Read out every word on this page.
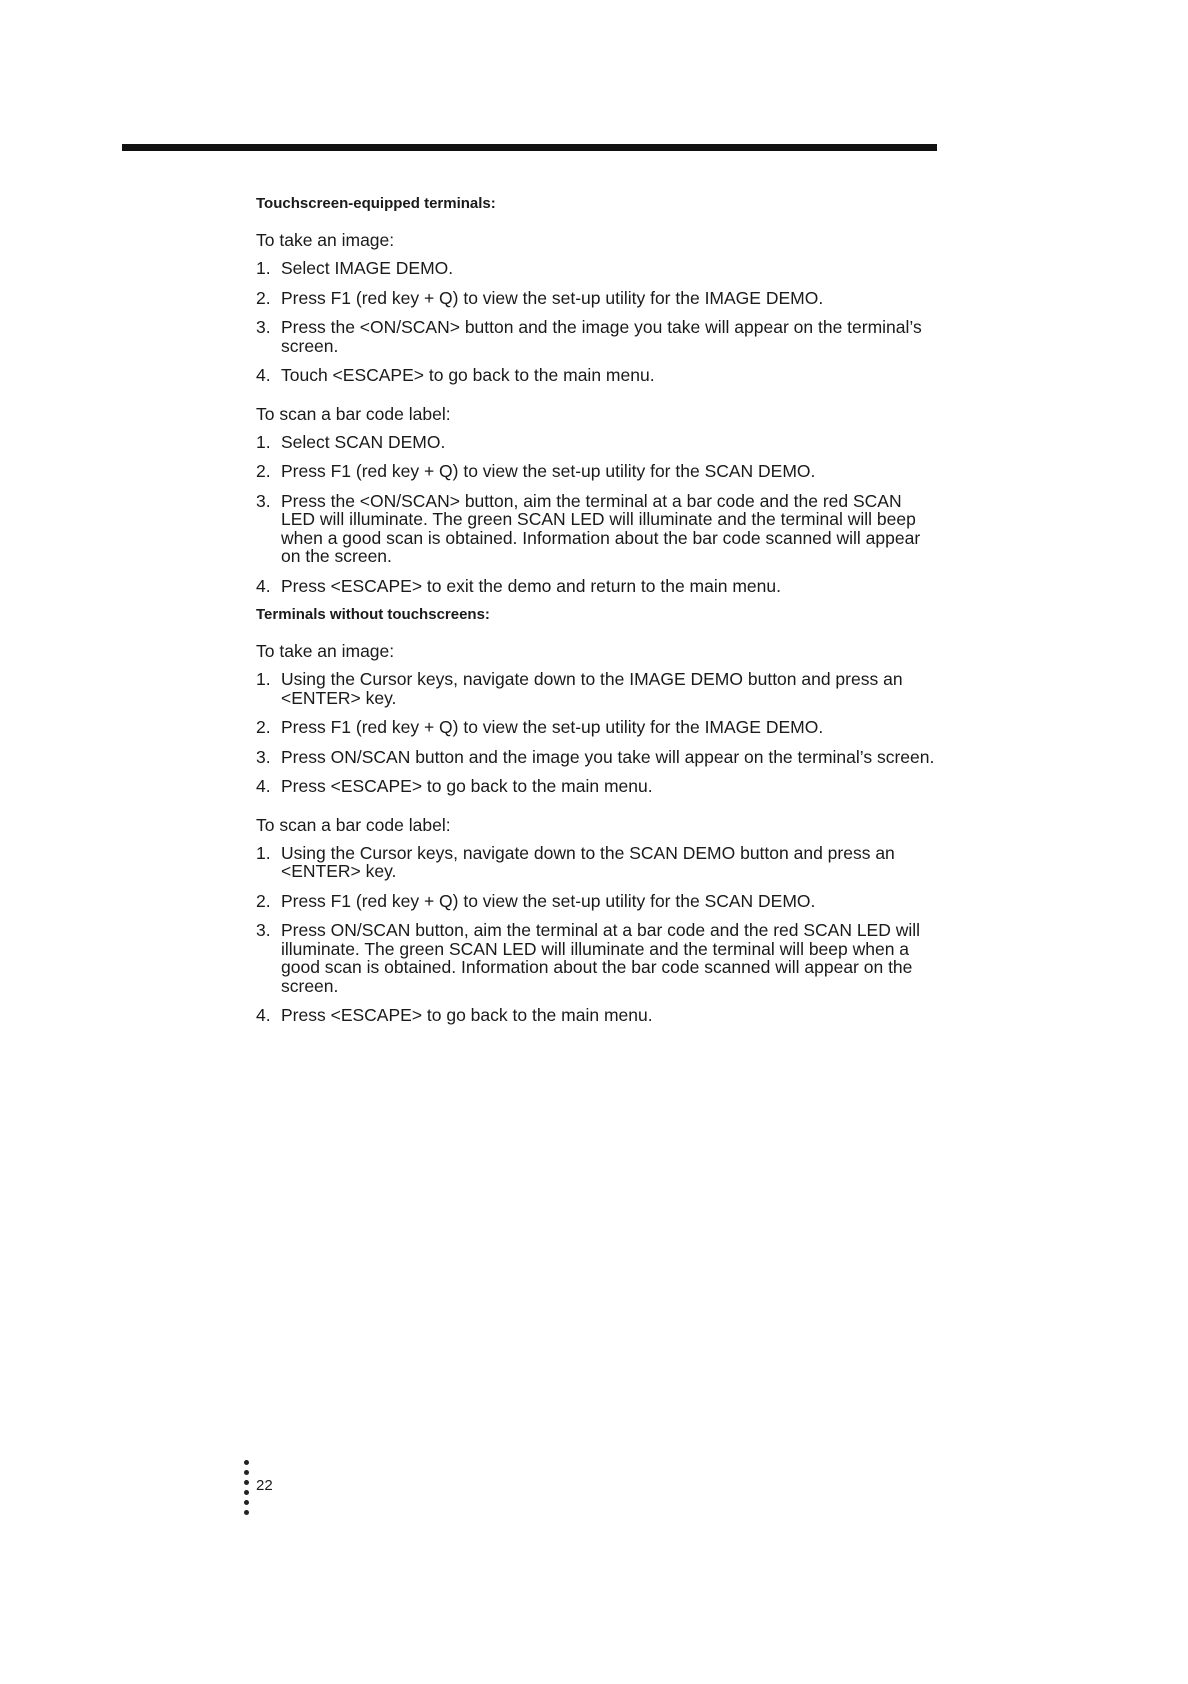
Touchscreen-equipped terminals:
To take an image:
1. Select IMAGE DEMO.
2. Press F1 (red key + Q) to view the set-up utility for the IMAGE DEMO.
3. Press the <ON/SCAN> button and the image you take will appear on the terminal’s screen.
4. Touch <ESCAPE> to go back to the main menu.
To scan a bar code label:
1. Select SCAN DEMO.
2. Press F1 (red key + Q) to view the set-up utility for the SCAN DEMO.
3. Press the <ON/SCAN> button, aim the terminal at a bar code and the red SCAN LED will illuminate. The green SCAN LED will illuminate and the terminal will beep when a good scan is obtained. Information about the bar code scanned will appear on the screen.
4. Press <ESCAPE> to exit the demo and return to the main menu.
Terminals without touchscreens:
To take an image:
1. Using the Cursor keys, navigate down to the IMAGE DEMO button and press an <ENTER> key.
2. Press F1 (red key + Q) to view the set-up utility for the IMAGE DEMO.
3. Press ON/SCAN button and the image you take will appear on the terminal’s screen.
4. Press <ESCAPE> to go back to the main menu.
To scan a bar code label:
1. Using the Cursor keys, navigate down to the SCAN DEMO button and press an <ENTER> key.
2. Press F1 (red key + Q) to view the set-up utility for the SCAN DEMO.
3. Press ON/SCAN button, aim the terminal at a bar code and the red SCAN LED will illuminate. The green SCAN LED will illuminate and the terminal will beep when a good scan is obtained. Information about the bar code scanned will appear on the screen.
4. Press <ESCAPE> to go back to the main menu.
22
